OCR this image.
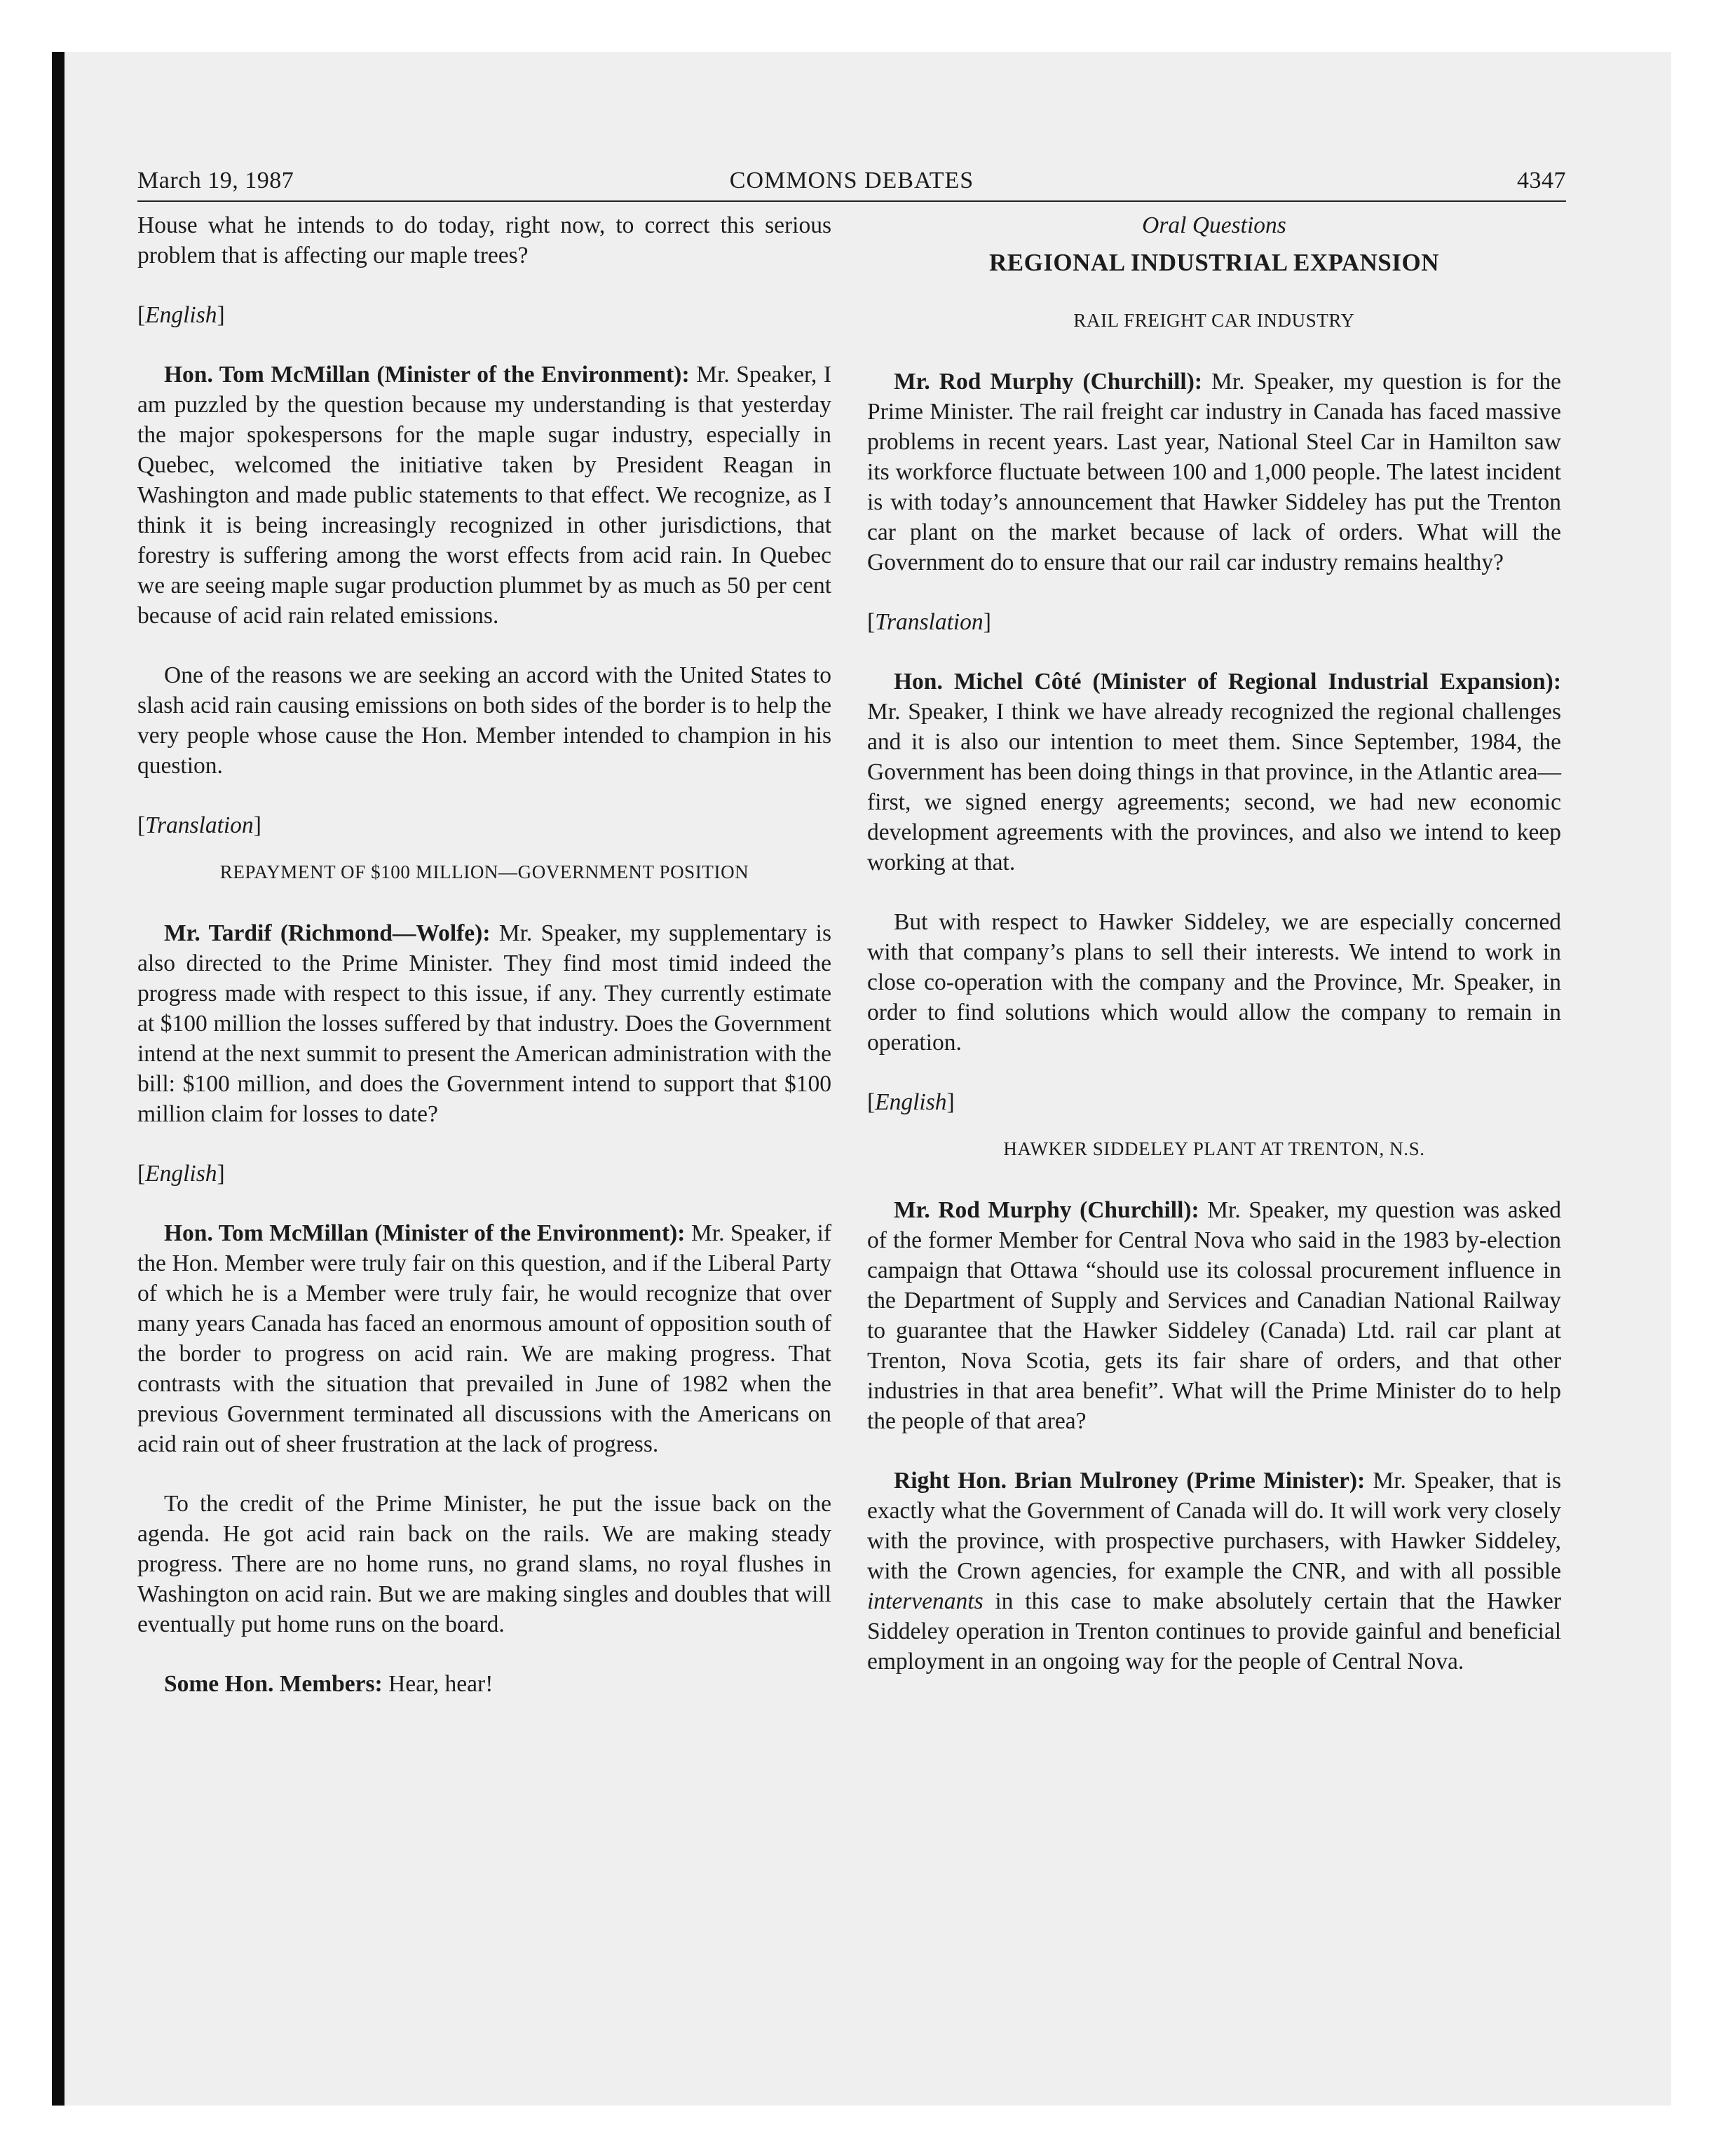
March 19, 1987	COMMONS DEBATES	4347

House what he intends to do today, right now, to correct this serious problem that is affecting our maple trees?

[English]

Hon. Tom McMillan (Minister of the Environment): Mr. Speaker, I am puzzled by the question because my understanding is that yesterday the major spokespersons for the maple sugar industry, especially in Quebec, welcomed the initiative taken by President Reagan in Washington and made public statements to that effect. We recognize, as I think it is being increasingly recognized in other jurisdictions, that forestry is suffering among the worst effects from acid rain. In Quebec we are seeing maple sugar production plummet by as much as 50 per cent because of acid rain related emissions.

One of the reasons we are seeking an accord with the United States to slash acid rain causing emissions on both sides of the border is to help the very people whose cause the Hon. Member intended to champion in his question.

[Translation]
REPAYMENT OF $100 MILLION—GOVERNMENT POSITION

Mr. Tardif (Richmond—Wolfe): Mr. Speaker, my supplementary is also directed to the Prime Minister. They find most timid indeed the progress made with respect to this issue, if any. They currently estimate at $100 million the losses suffered by that industry. Does the Government intend at the next summit to present the American administration with the bill: $100 million, and does the Government intend to support that $100 million claim for losses to date?

[English]

Hon. Tom McMillan (Minister of the Environment): Mr. Speaker, if the Hon. Member were truly fair on this question, and if the Liberal Party of which he is a Member were truly fair, he would recognize that over many years Canada has faced an enormous amount of opposition south of the border to progress on acid rain. We are making progress. That contrasts with the situation that prevailed in June of 1982 when the previous Government terminated all discussions with the Americans on acid rain out of sheer frustration at the lack of progress.

To the credit of the Prime Minister, he put the issue back on the agenda. He got acid rain back on the rails. We are making steady progress. There are no home runs, no grand slams, no royal flushes in Washington on acid rain. But we are making singles and doubles that will eventually put home runs on the board.

Some Hon. Members: Hear, hear!

Oral Questions
REGIONAL INDUSTRIAL EXPANSION
RAIL FREIGHT CAR INDUSTRY

Mr. Rod Murphy (Churchill): Mr. Speaker, my question is for the Prime Minister. The rail freight car industry in Canada has faced massive problems in recent years. Last year, National Steel Car in Hamilton saw its workforce fluctuate between 100 and 1,000 people. The latest incident is with today’s announcement that Hawker Siddeley has put the Trenton car plant on the market because of lack of orders. What will the Government do to ensure that our rail car industry remains healthy?

[Translation]

Hon. Michel Côté (Minister of Regional Industrial Expansion): Mr. Speaker, I think we have already recognized the regional challenges and it is also our intention to meet them. Since September, 1984, the Government has been doing things in that province, in the Atlantic area—first, we signed energy agreements; second, we had new economic development agreements with the provinces, and also we intend to keep working at that.

But with respect to Hawker Siddeley, we are especially concerned with that company’s plans to sell their interests. We intend to work in close co-operation with the company and the Province, Mr. Speaker, in order to find solutions which would allow the company to remain in operation.

[English]
HAWKER SIDDELEY PLANT AT TRENTON, N.S.

Mr. Rod Murphy (Churchill): Mr. Speaker, my question was asked of the former Member for Central Nova who said in the 1983 by-election campaign that Ottawa “should use its colossal procurement influence in the Department of Supply and Services and Canadian National Railway to guarantee that the Hawker Siddeley (Canada) Ltd. rail car plant at Trenton, Nova Scotia, gets its fair share of orders, and that other industries in that area benefit”. What will the Prime Minister do to help the people of that area?

Right Hon. Brian Mulroney (Prime Minister): Mr. Speaker, that is exactly what the Government of Canada will do. It will work very closely with the province, with prospective purchasers, with Hawker Siddeley, with the Crown agencies, for example the CNR, and with all possible intervenants in this case to make absolutely certain that the Hawker Siddeley operation in Trenton continues to provide gainful and beneficial employment in an ongoing way for the people of Central Nova.
